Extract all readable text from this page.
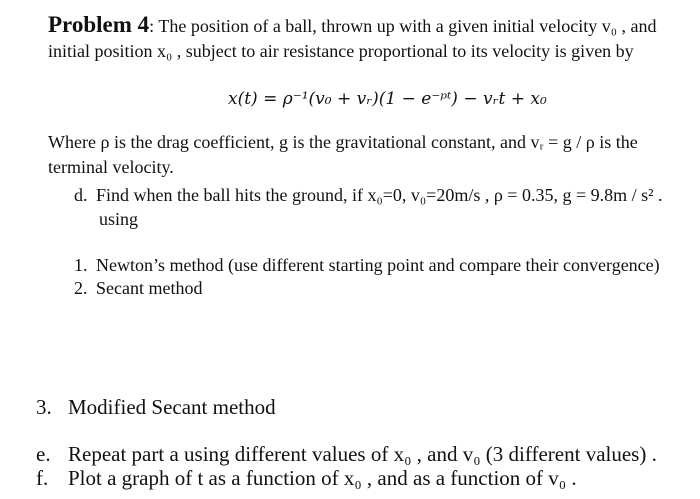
Problem 4: The position of a ball, thrown up with a given initial velocity v₀ , and
initial position x₀ , subject to air resistance proportional to its velocity is given by
x(t) = ρ⁻¹(v₀ + vᵣ)(1 − e⁻ᵖᵗ) − vᵣt + x₀
Where ρ is the drag coefficient, g is the gravitational constant, and vᵣ = g / ρ is the
terminal velocity.
d. Find when the ball hits the ground, if x₀=0, v₀=20m/s , ρ = 0.35, g = 9.8m / s² .
using
1. Newton’s method (use different starting point and compare their convergence)
2. Secant method
3. Modified Secant method
e. Repeat part a using different values of x₀ , and v₀ (3 different values) .
f. Plot a graph of t as a function of x₀ , and as a function of v₀ .
